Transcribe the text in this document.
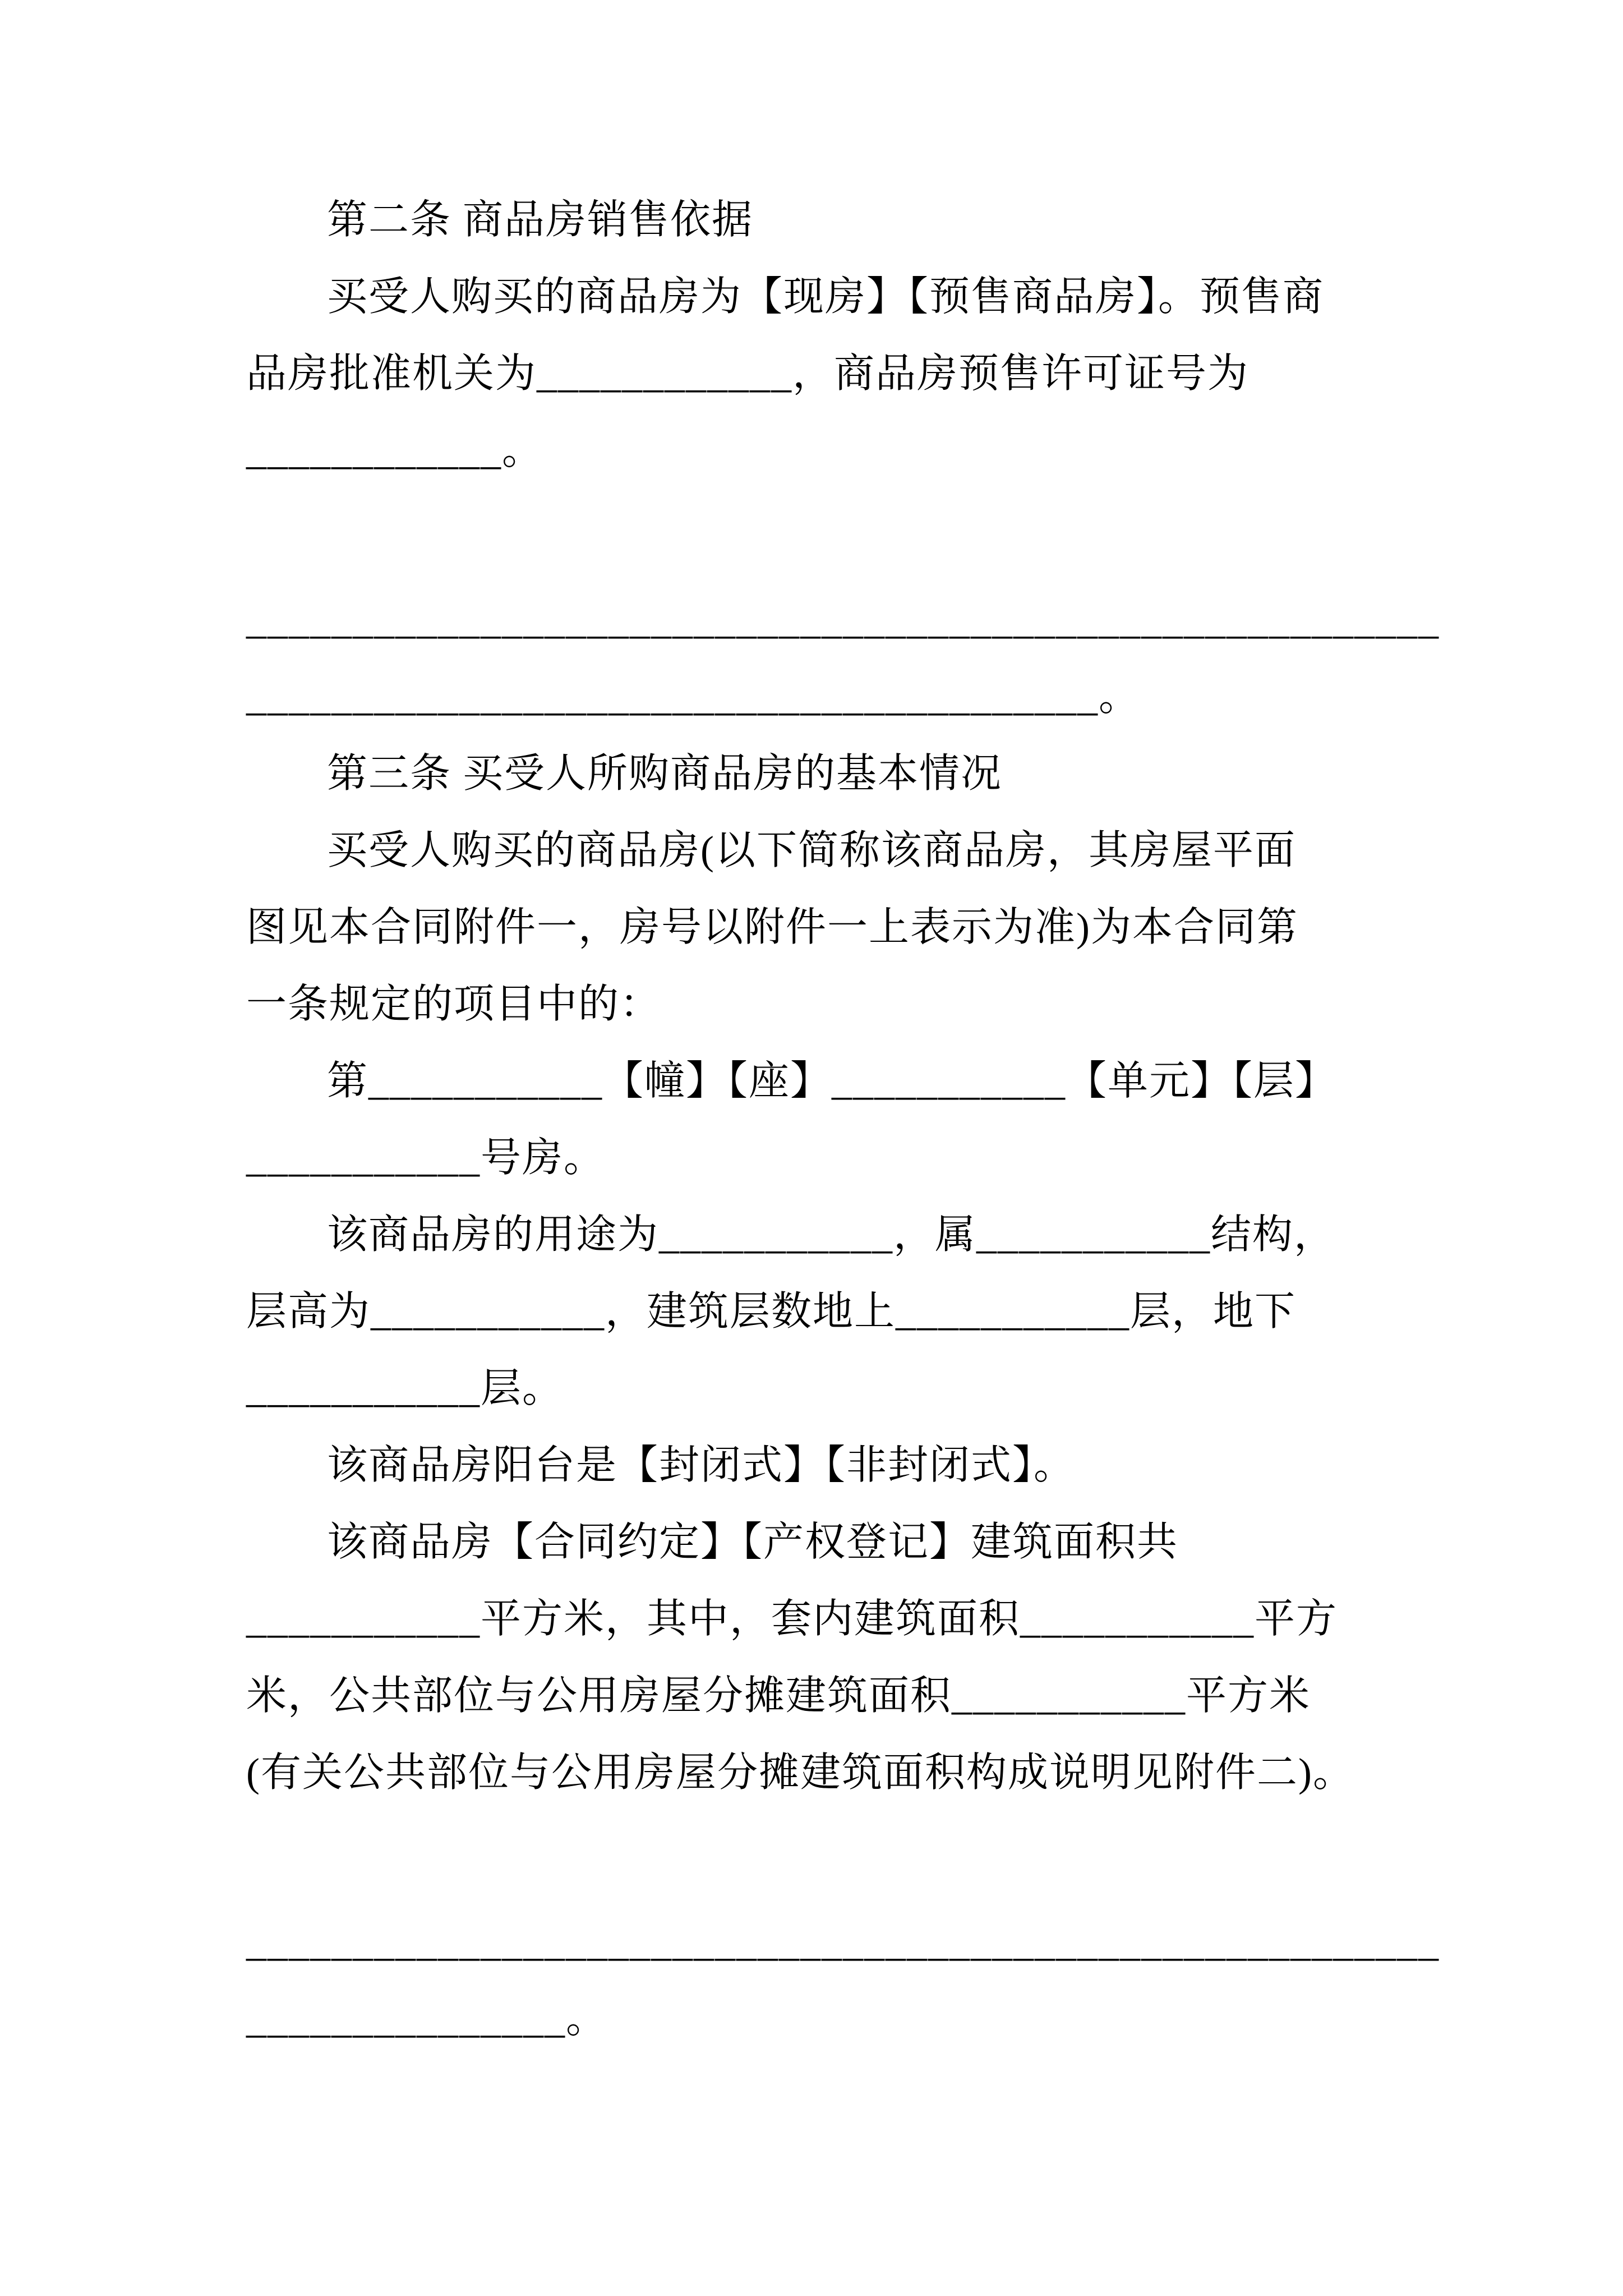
第二条 商品房销售依据
买受人购买的商品房为【现房】【预售商品房】。预售商
品房批准机关为____________，商品房预售许可证号为
____________。
________________________________________________________
________________________________________。
第三条 买受人所购商品房的基本情况
买受人购买的商品房(以下简称该商品房，其房屋平面
图见本合同附件一，房号以附件一上表示为准)为本合同第
一条规定的项目中的：
第___________【幢】【座】___________【单元】【层】
___________号房。
该商品房的用途为___________，属___________结构，
层高为___________，建筑层数地上___________层，地下
___________层。
该商品房阳台是【封闭式】【非封闭式】。
该商品房【合同约定】【产权登记】建筑面积共
___________平方米，其中，套内建筑面积___________平方
米，公共部位与公用房屋分摊建筑面积___________平方米
(有关公共部位与公用房屋分摊建筑面积构成说明见附件二)。
________________________________________________________
_______________。
